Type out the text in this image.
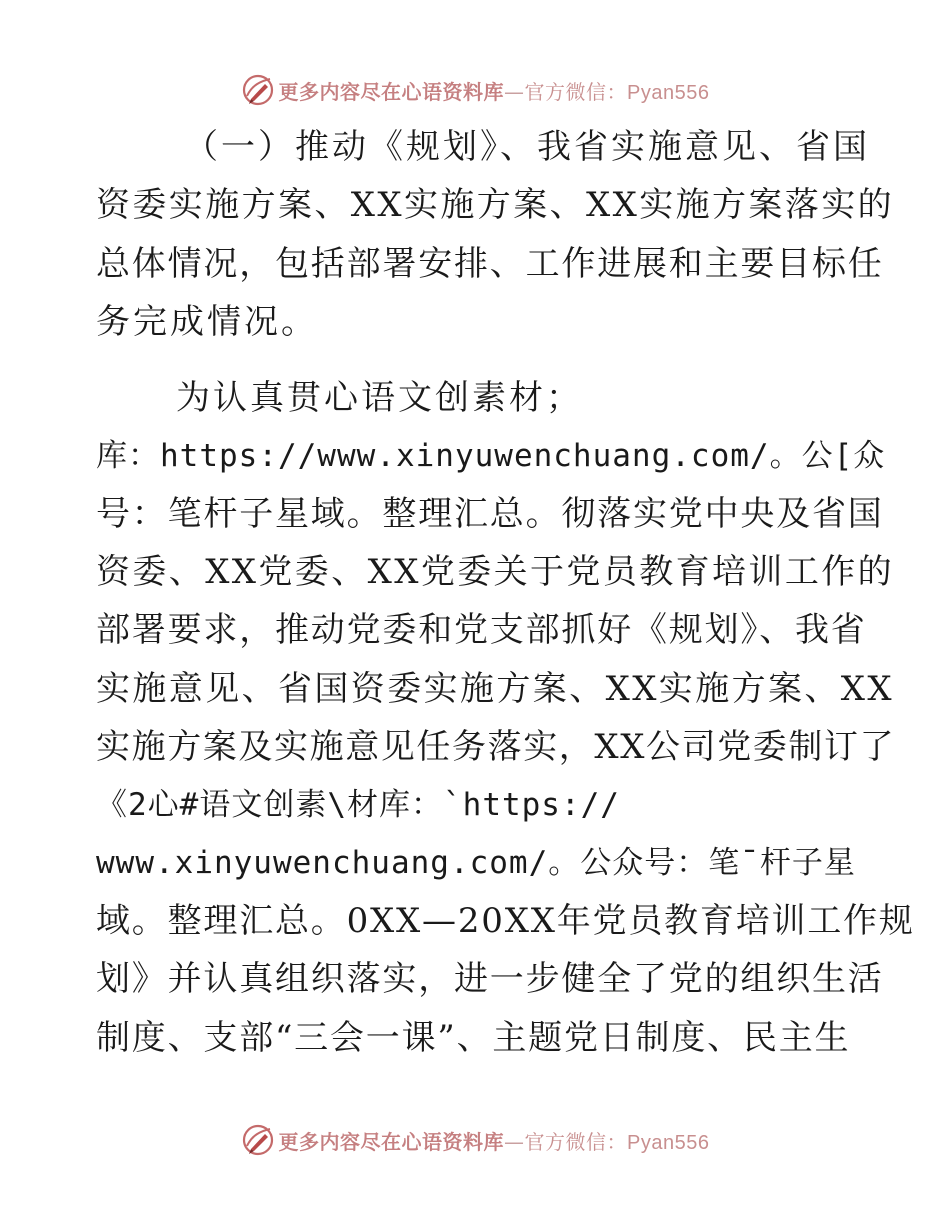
更多内容尽在心语资料库—官方微信：Pyan556
（一）推动《规划》、我省实施意见、省国
资委实施方案、XX实施方案、XX实施方案落实的
总体情况，包括部署安排、工作进展和主要目标任
务完成情况。
为认真贯心语文创素材；
库：https://www.xinyuwenchuang.com/。公[众
号：笔杆子星域。整理汇总。彻落实党中央及省国
资委、XX党委、XX党委关于党员教育培训工作的
部署要求，推动党委和党支部抓好《规划》、我省
实施意见、省国资委实施方案、XX实施方案、XX
实施方案及实施意见任务落实，XX公司党委制订了
《2心#语文创素\材库：`https://
www.xinyuwenchuang.com/。公众号：笔¯杆子星
域。整理汇总。0XX—20XX年党员教育培训工作规
划》并认真组织落实，进一步健全了党的组织生活
制度、支部“三会一课”、主题党日制度、民主生
更多内容尽在心语资料库—官方微信：Pyan556
